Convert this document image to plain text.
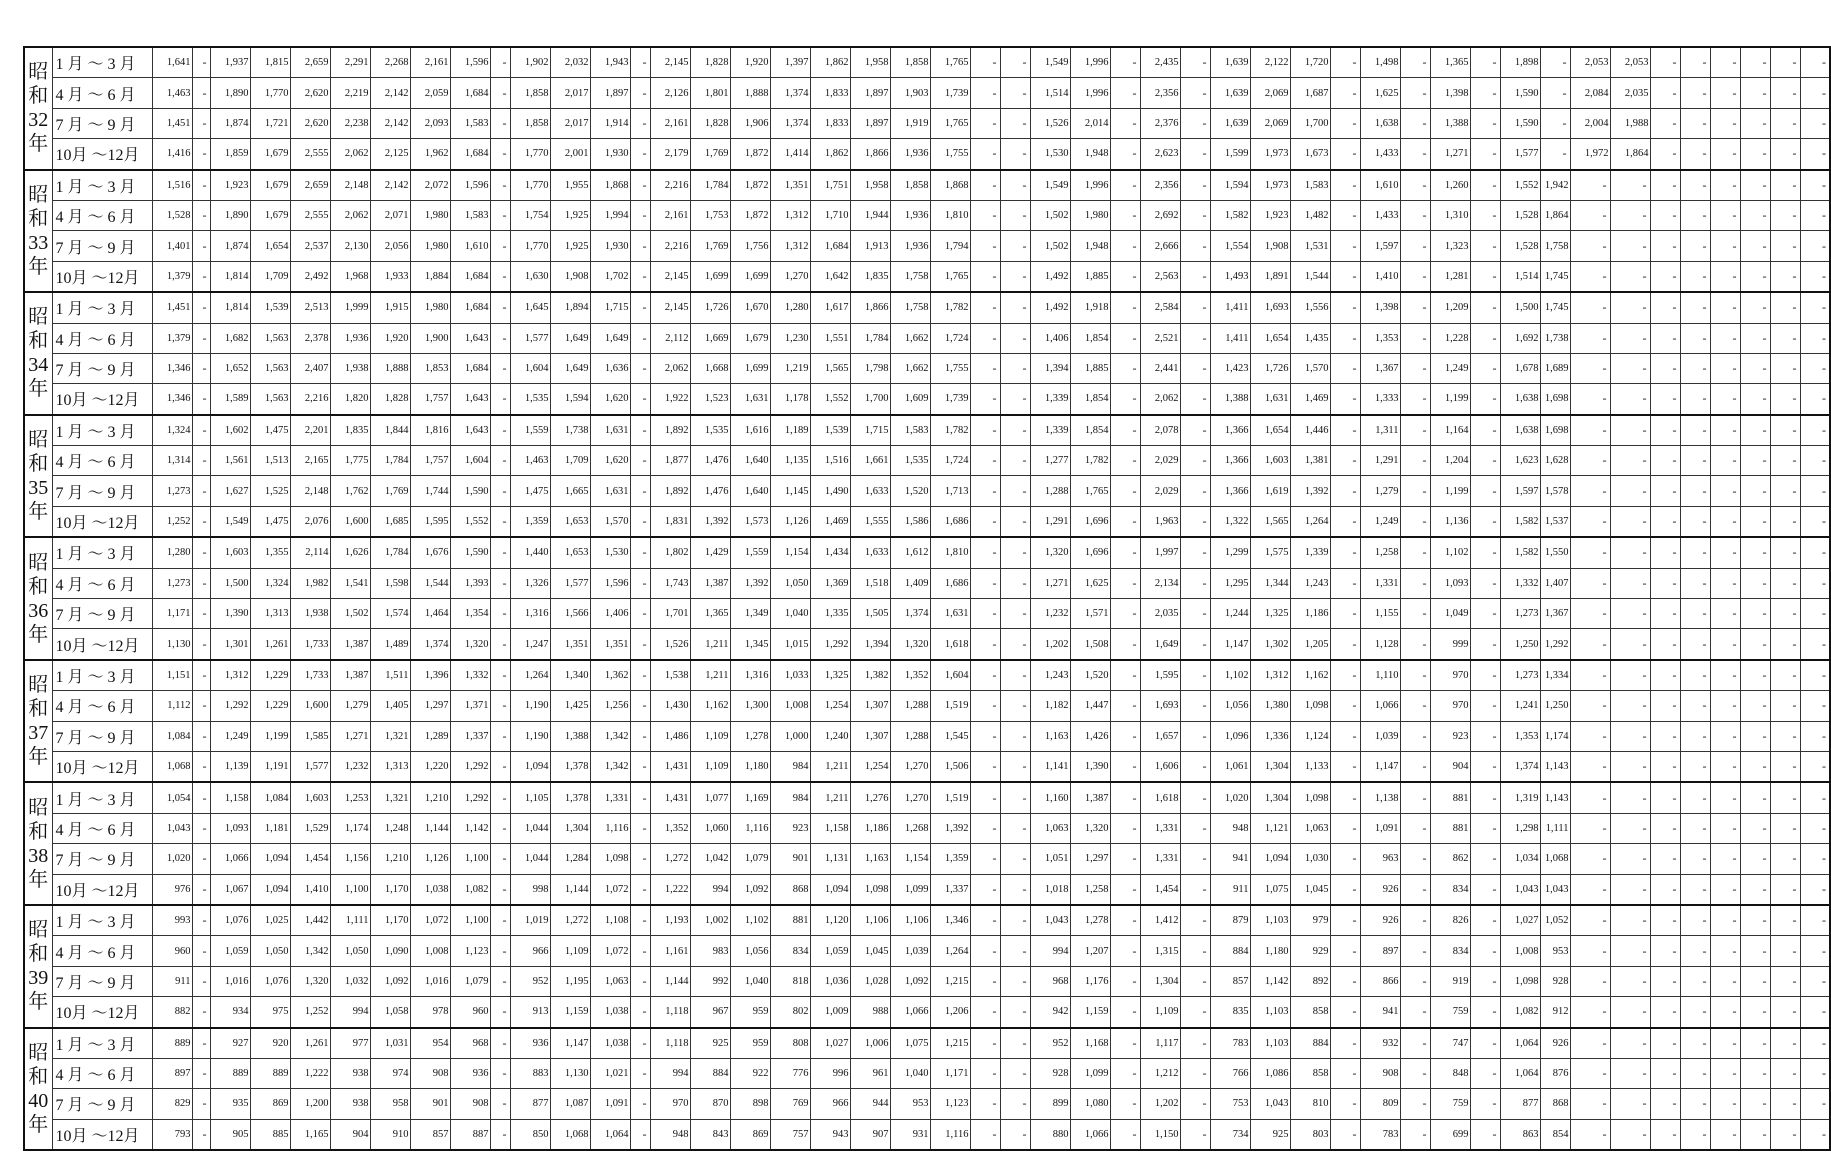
昭
和
32
年	1 月 ～ 3 月	1,641	-	1,937	1,815	2,659	2,291	2,268	2,161	1,596	-	1,902	2,032	1,943	-	2,145	1,828	1,920	1,397	1,862	1,958	1,858	1,765	-	-	1,549	1,996	-	2,435	-	1,639	2,122	1,720	-	1,498	-	1,365	-	1,898	-	2,053	2,053	-	-	-	-	-	-
	4 月 ～ 6 月	1,463	-	1,890	1,770	2,620	2,219	2,142	2,059	1,684	-	1,858	2,017	1,897	-	2,126	1,801	1,888	1,374	1,833	1,897	1,903	1,739	-	-	1,514	1,996	-	2,356	-	1,639	2,069	1,687	-	1,625	-	1,398	-	1,590	-	2,084	2,035	-	-	-	-	-	-
	7 月 ～ 9 月	1,451	-	1,874	1,721	2,620	2,238	2,142	2,093	1,583	-	1,858	2,017	1,914	-	2,161	1,828	1,906	1,374	1,833	1,897	1,919	1,765	-	-	1,526	2,014	-	2,376	-	1,639	2,069	1,700	-	1,638	-	1,388	-	1,590	-	2,004	1,988	-	-	-	-	-	-
	10月 ～12月	1,416	-	1,859	1,679	2,555	2,062	2,125	1,962	1,684	-	1,770	2,001	1,930	-	2,179	1,769	1,872	1,414	1,862	1,866	1,936	1,755	-	-	1,530	1,948	-	2,623	-	1,599	1,973	1,673	-	1,433	-	1,271	-	1,577	-	1,972	1,864	-	-	-	-	-	-

昭
和
33
年	1 月 ～ 3 月	1,516	-	1,923	1,679	2,659	2,148	2,142	2,072	1,596	-	1,770	1,955	1,868	-	2,216	1,784	1,872	1,351	1,751	1,958	1,858	1,868	-	-	1,549	1,996	-	2,356	-	1,594	1,973	1,583	-	1,610	-	1,260	-	1,552	1,942	-	-	-	-	-	-	-	-
	4 月 ～ 6 月	1,528	-	1,890	1,679	2,555	2,062	2,071	1,980	1,583	-	1,754	1,925	1,994	-	2,161	1,753	1,872	1,312	1,710	1,944	1,936	1,810	-	-	1,502	1,980	-	2,692	-	1,582	1,923	1,482	-	1,433	-	1,310	-	1,528	1,864	-	-	-	-	-	-	-	-
	7 月 ～ 9 月	1,401	-	1,874	1,654	2,537	2,130	2,056	1,980	1,610	-	1,770	1,925	1,930	-	2,216	1,769	1,756	1,312	1,684	1,913	1,936	1,794	-	-	1,502	1,948	-	2,666	-	1,554	1,908	1,531	-	1,597	-	1,323	-	1,528	1,758	-	-	-	-	-	-	-	-
	10月 ～12月	1,379	-	1,814	1,709	2,492	1,968	1,933	1,884	1,684	-	1,630	1,908	1,702	-	2,145	1,699	1,699	1,270	1,642	1,835	1,758	1,765	-	-	1,492	1,885	-	2,563	-	1,493	1,891	1,544	-	1,410	-	1,281	-	1,514	1,745	-	-	-	-	-	-	-	-

昭
和
34
年	1 月 ～ 3 月	1,451	-	1,814	1,539	2,513	1,999	1,915	1,980	1,684	-	1,645	1,894	1,715	-	2,145	1,726	1,670	1,280	1,617	1,866	1,758	1,782	-	-	1,492	1,918	-	2,584	-	1,411	1,693	1,556	-	1,398	-	1,209	-	1,500	1,745	-	-	-	-	-	-	-	-
	4 月 ～ 6 月	1,379	-	1,682	1,563	2,378	1,936	1,920	1,900	1,643	-	1,577	1,649	1,649	-	2,112	1,669	1,679	1,230	1,551	1,784	1,662	1,724	-	-	1,406	1,854	-	2,521	-	1,411	1,654	1,435	-	1,353	-	1,228	-	1,692	1,738	-	-	-	-	-	-	-	-
	7 月 ～ 9 月	1,346	-	1,652	1,563	2,407	1,938	1,888	1,853	1,684	-	1,604	1,649	1,636	-	2,062	1,668	1,699	1,219	1,565	1,798	1,662	1,755	-	-	1,394	1,885	-	2,441	-	1,423	1,726	1,570	-	1,367	-	1,249	-	1,678	1,689	-	-	-	-	-	-	-	-
	10月 ～12月	1,346	-	1,589	1,563	2,216	1,820	1,828	1,757	1,643	-	1,535	1,594	1,620	-	1,922	1,523	1,631	1,178	1,552	1,700	1,609	1,739	-	-	1,339	1,854	-	2,062	-	1,388	1,631	1,469	-	1,333	-	1,199	-	1,638	1,698	-	-	-	-	-	-	-	-

昭
和
35
年	1 月 ～ 3 月	1,324	-	1,602	1,475	2,201	1,835	1,844	1,816	1,643	-	1,559	1,738	1,631	-	1,892	1,535	1,616	1,189	1,539	1,715	1,583	1,782	-	-	1,339	1,854	-	2,078	-	1,366	1,654	1,446	-	1,311	-	1,164	-	1,638	1,698	-	-	-	-	-	-	-	-
	4 月 ～ 6 月	1,314	-	1,561	1,513	2,165	1,775	1,784	1,757	1,604	-	1,463	1,709	1,620	-	1,877	1,476	1,640	1,135	1,516	1,661	1,535	1,724	-	-	1,277	1,782	-	2,029	-	1,366	1,603	1,381	-	1,291	-	1,204	-	1,623	1,628	-	-	-	-	-	-	-	-
	7 月 ～ 9 月	1,273	-	1,627	1,525	2,148	1,762	1,769	1,744	1,590	-	1,475	1,665	1,631	-	1,892	1,476	1,640	1,145	1,490	1,633	1,520	1,713	-	-	1,288	1,765	-	2,029	-	1,366	1,619	1,392	-	1,279	-	1,199	-	1,597	1,578	-	-	-	-	-	-	-	-
	10月 ～12月	1,252	-	1,549	1,475	2,076	1,600	1,685	1,595	1,552	-	1,359	1,653	1,570	-	1,831	1,392	1,573	1,126	1,469	1,555	1,586	1,686	-	-	1,291	1,696	-	1,963	-	1,322	1,565	1,264	-	1,249	-	1,136	-	1,582	1,537	-	-	-	-	-	-	-	-

昭
和
36
年	1 月 ～ 3 月	1,280	-	1,603	1,355	2,114	1,626	1,784	1,676	1,590	-	1,440	1,653	1,530	-	1,802	1,429	1,559	1,154	1,434	1,633	1,612	1,810	-	-	1,320	1,696	-	1,997	-	1,299	1,575	1,339	-	1,258	-	1,102	-	1,582	1,550	-	-	-	-	-	-	-	-
	4 月 ～ 6 月	1,273	-	1,500	1,324	1,982	1,541	1,598	1,544	1,393	-	1,326	1,577	1,596	-	1,743	1,387	1,392	1,050	1,369	1,518	1,409	1,686	-	-	1,271	1,625	-	2,134	-	1,295	1,344	1,243	-	1,331	-	1,093	-	1,332	1,407	-	-	-	-	-	-	-	-
	7 月 ～ 9 月	1,171	-	1,390	1,313	1,938	1,502	1,574	1,464	1,354	-	1,316	1,566	1,406	-	1,701	1,365	1,349	1,040	1,335	1,505	1,374	1,631	-	-	1,232	1,571	-	2,035	-	1,244	1,325	1,186	-	1,155	-	1,049	-	1,273	1,367	-	-	-	-	-	-	-	-
	10月 ～12月	1,130	-	1,301	1,261	1,733	1,387	1,489	1,374	1,320	-	1,247	1,351	1,351	-	1,526	1,211	1,345	1,015	1,292	1,394	1,320	1,618	-	-	1,202	1,508	-	1,649	-	1,147	1,302	1,205	-	1,128	-	999	-	1,250	1,292	-	-	-	-	-	-	-	-

昭
和
37
年	1 月 ～ 3 月	1,151	-	1,312	1,229	1,733	1,387	1,511	1,396	1,332	-	1,264	1,340	1,362	-	1,538	1,211	1,316	1,033	1,325	1,382	1,352	1,604	-	-	1,243	1,520	-	1,595	-	1,102	1,312	1,162	-	1,110	-	970	-	1,273	1,334	-	-	-	-	-	-	-	-
	4 月 ～ 6 月	1,112	-	1,292	1,229	1,600	1,279	1,405	1,297	1,371	-	1,190	1,425	1,256	-	1,430	1,162	1,300	1,008	1,254	1,307	1,288	1,519	-	-	1,182	1,447	-	1,693	-	1,056	1,380	1,098	-	1,066	-	970	-	1,241	1,250	-	-	-	-	-	-	-	-
	7 月 ～ 9 月	1,084	-	1,249	1,199	1,585	1,271	1,321	1,289	1,337	-	1,190	1,388	1,342	-	1,486	1,109	1,278	1,000	1,240	1,307	1,288	1,545	-	-	1,163	1,426	-	1,657	-	1,096	1,336	1,124	-	1,039	-	923	-	1,353	1,174	-	-	-	-	-	-	-	-
	10月 ～12月	1,068	-	1,139	1,191	1,577	1,232	1,313	1,220	1,292	-	1,094	1,378	1,342	-	1,431	1,109	1,180	984	1,211	1,254	1,270	1,506	-	-	1,141	1,390	-	1,606	-	1,061	1,304	1,133	-	1,147	-	904	-	1,374	1,143	-	-	-	-	-	-	-	-

昭
和
38
年	1 月 ～ 3 月	1,054	-	1,158	1,084	1,603	1,253	1,321	1,210	1,292	-	1,105	1,378	1,331	-	1,431	1,077	1,169	984	1,211	1,276	1,270	1,519	-	-	1,160	1,387	-	1,618	-	1,020	1,304	1,098	-	1,138	-	881	-	1,319	1,143	-	-	-	-	-	-	-	-
	4 月 ～ 6 月	1,043	-	1,093	1,181	1,529	1,174	1,248	1,144	1,142	-	1,044	1,304	1,116	-	1,352	1,060	1,116	923	1,158	1,186	1,268	1,392	-	-	1,063	1,320	-	1,331	-	948	1,121	1,063	-	1,091	-	881	-	1,298	1,111	-	-	-	-	-	-	-	-
	7 月 ～ 9 月	1,020	-	1,066	1,094	1,454	1,156	1,210	1,126	1,100	-	1,044	1,284	1,098	-	1,272	1,042	1,079	901	1,131	1,163	1,154	1,359	-	-	1,051	1,297	-	1,331	-	941	1,094	1,030	-	963	-	862	-	1,034	1,068	-	-	-	-	-	-	-	-
	10月 ～12月	976	-	1,067	1,094	1,410	1,100	1,170	1,038	1,082	-	998	1,144	1,072	-	1,222	994	1,092	868	1,094	1,098	1,099	1,337	-	-	1,018	1,258	-	1,454	-	911	1,075	1,045	-	926	-	834	-	1,043	1,043	-	-	-	-	-	-	-	-

昭
和
39
年	1 月 ～ 3 月	993	-	1,076	1,025	1,442	1,111	1,170	1,072	1,100	-	1,019	1,272	1,108	-	1,193	1,002	1,102	881	1,120	1,106	1,106	1,346	-	-	1,043	1,278	-	1,412	-	879	1,103	979	-	926	-	826	-	1,027	1,052	-	-	-	-	-	-	-	-
	4 月 ～ 6 月	960	-	1,059	1,050	1,342	1,050	1,090	1,008	1,123	-	966	1,109	1,072	-	1,161	983	1,056	834	1,059	1,045	1,039	1,264	-	-	994	1,207	-	1,315	-	884	1,180	929	-	897	-	834	-	1,008	953	-	-	-	-	-	-	-	-
	7 月 ～ 9 月	911	-	1,016	1,076	1,320	1,032	1,092	1,016	1,079	-	952	1,195	1,063	-	1,144	992	1,040	818	1,036	1,028	1,092	1,215	-	-	968	1,176	-	1,304	-	857	1,142	892	-	866	-	919	-	1,098	928	-	-	-	-	-	-	-	-
	10月 ～12月	882	-	934	975	1,252	994	1,058	978	960	-	913	1,159	1,038	-	1,118	967	959	802	1,009	988	1,066	1,206	-	-	942	1,159	-	1,109	-	835	1,103	858	-	941	-	759	-	1,082	912	-	-	-	-	-	-	-	-

昭
和
40
年	1 月 ～ 3 月	889	-	927	920	1,261	977	1,031	954	968	-	936	1,147	1,038	-	1,118	925	959	808	1,027	1,006	1,075	1,215	-	-	952	1,168	-	1,117	-	783	1,103	884	-	932	-	747	-	1,064	926	-	-	-	-	-	-	-	-
	4 月 ～ 6 月	897	-	889	889	1,222	938	974	908	936	-	883	1,130	1,021	-	994	884	922	776	996	961	1,040	1,171	-	-	928	1,099	-	1,212	-	766	1,086	858	-	908	-	848	-	1,064	876	-	-	-	-	-	-	-	-
	7 月 ～ 9 月	829	-	935	869	1,200	938	958	901	908	-	877	1,087	1,091	-	970	870	898	769	966	944	953	1,123	-	-	899	1,080	-	1,202	-	753	1,043	810	-	809	-	759	-	877	868	-	-	-	-	-	-	-	-
	10月 ～12月	793	-	905	885	1,165	904	910	857	887	-	850	1,068	1,064	-	948	843	869	757	943	907	931	1,116	-	-	880	1,066	-	1,150	-	734	925	803	-	783	-	699	-	863	854	-	-	-	-	-	-	-	-
